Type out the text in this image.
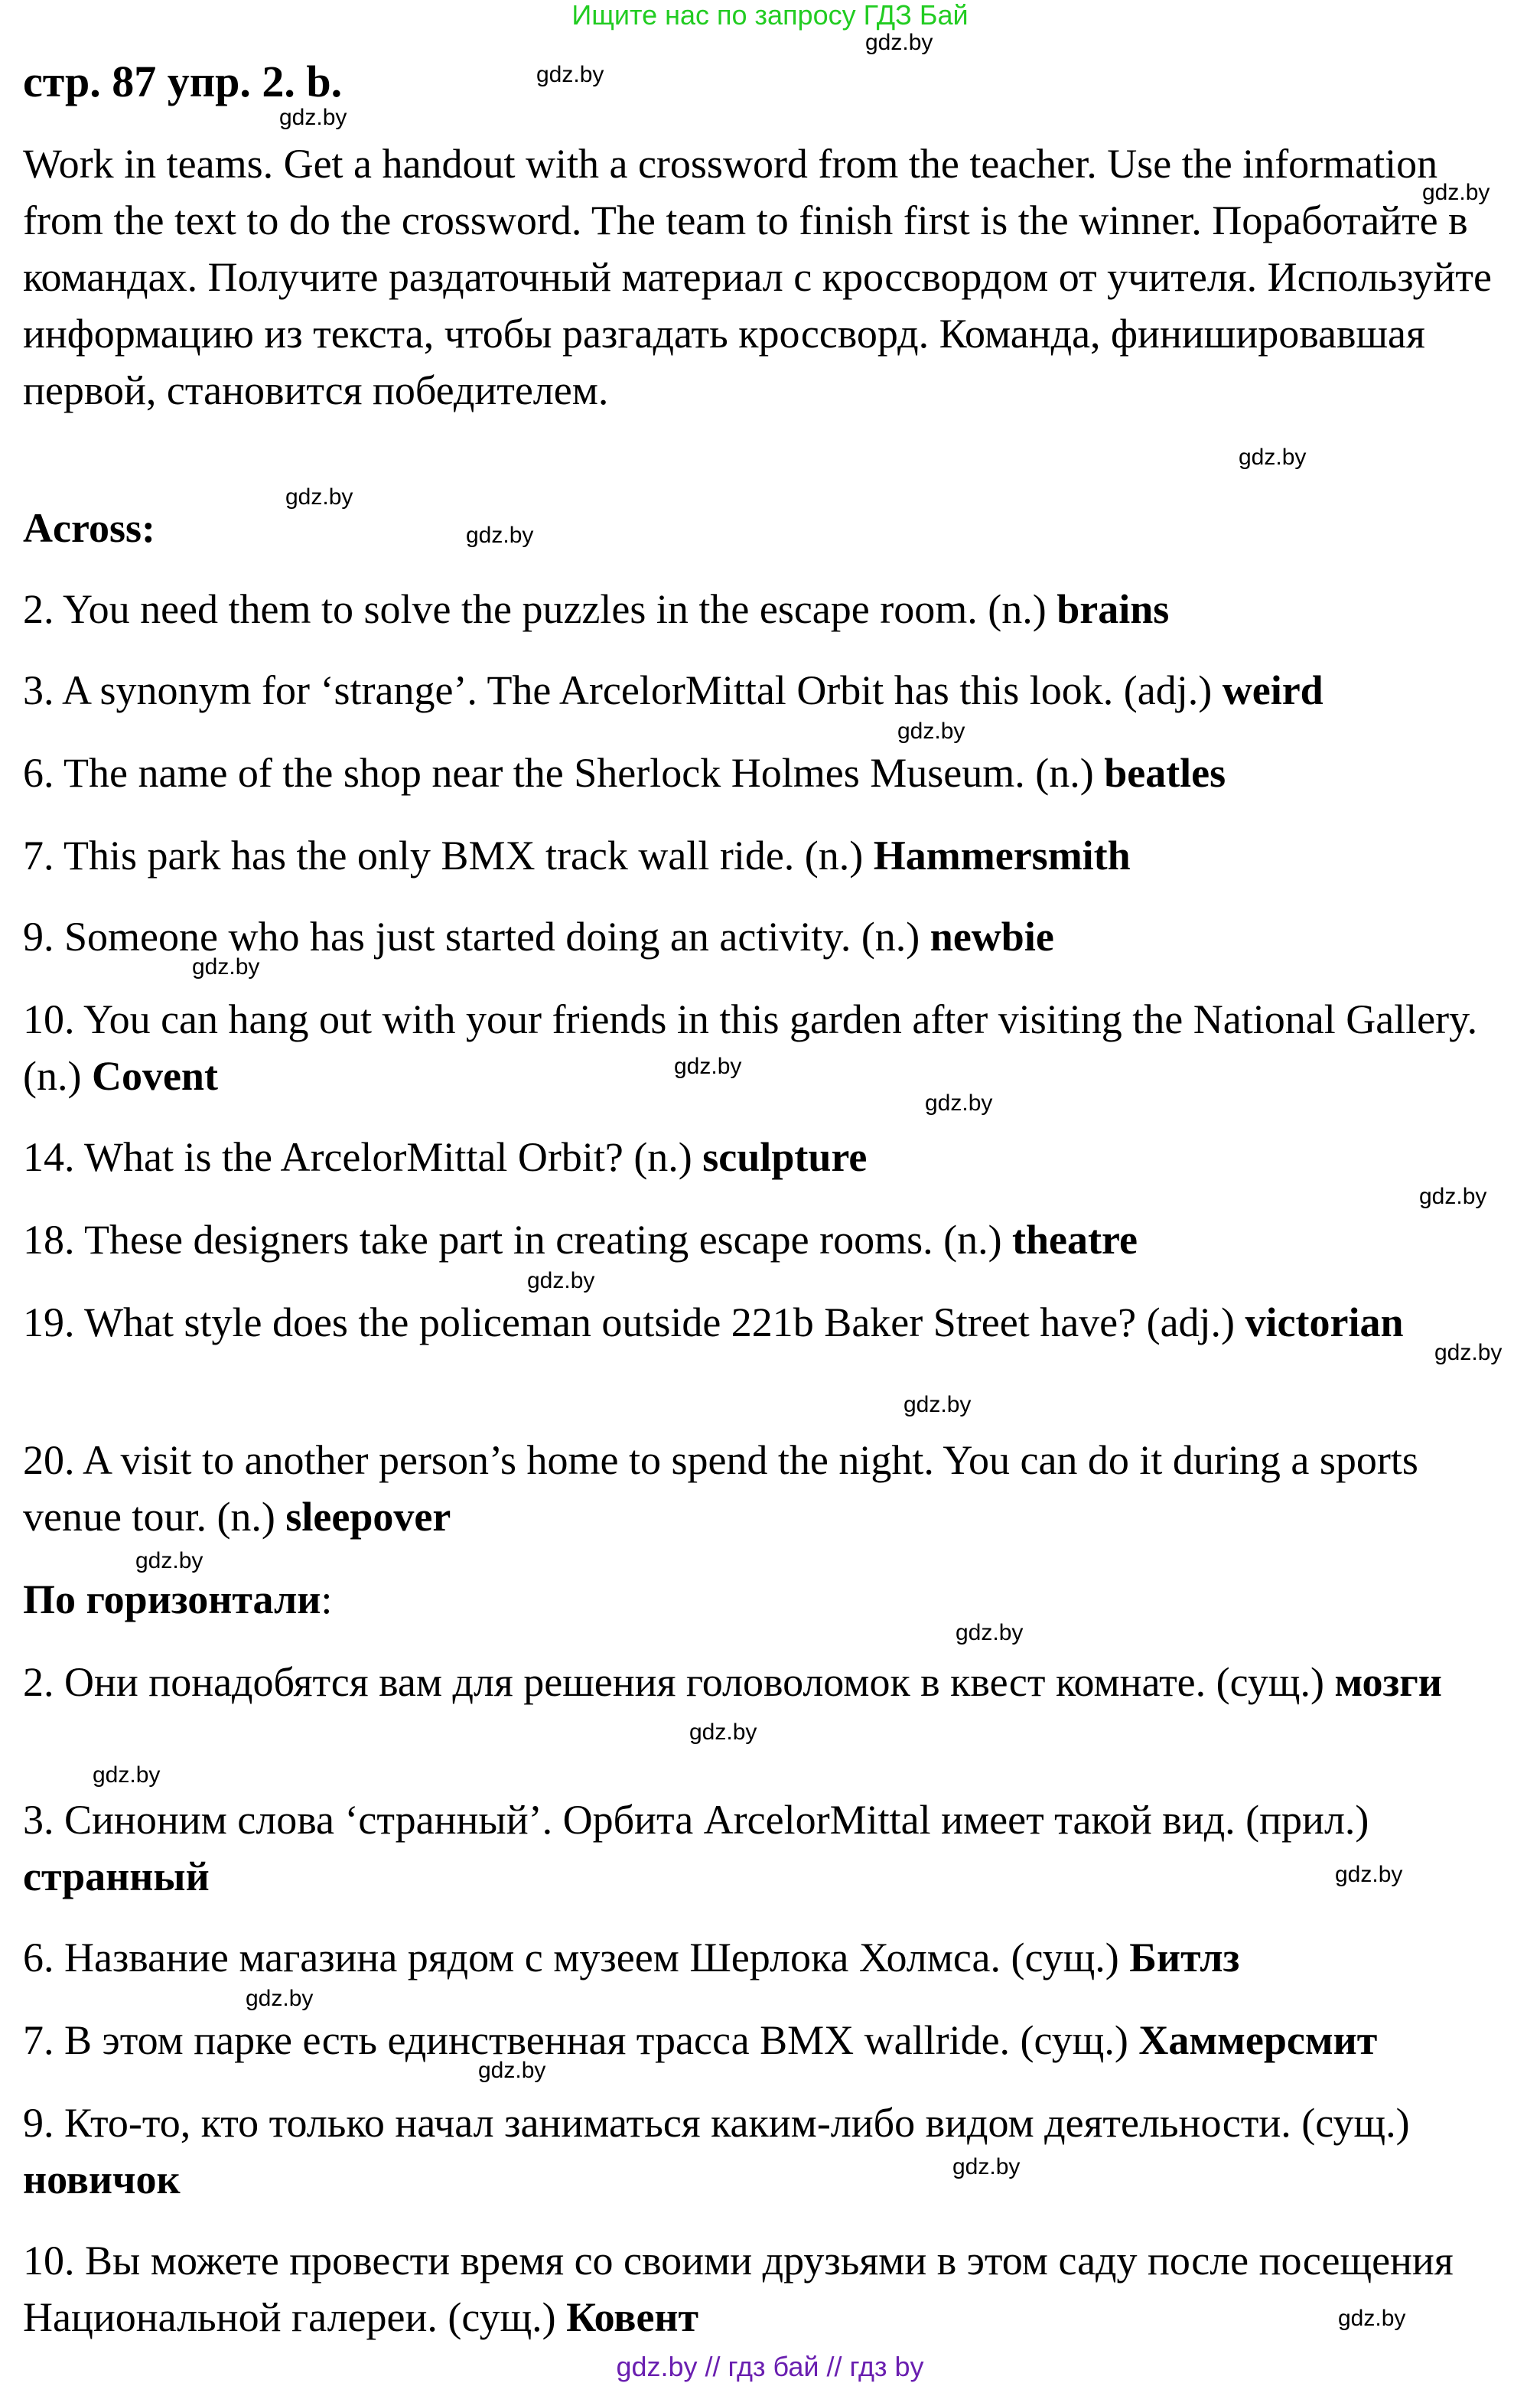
Ищите нас по запросу ГДЗ Бай
стр. 87 упр. 2. b.
Work in teams. Get a handout with a crossword from the teacher. Use the information from the text to do the crossword. The team to finish first is the winner. Поработайте в командах. Получите раздаточный материал с кроссвордом от учителя. Используйте информацию из текста, чтобы разгадать кроссворд. Команда, финишировавшая первой, становится победителем.
Across:
2. You need them to solve the puzzles in the escape room. (n.) brains
3. A synonym for ‘strange’. The ArcelorMittal Orbit has this look. (adj.) weird
6. The name of the shop near the Sherlock Holmes Museum. (n.) beatles
7. This park has the only BMX track wall ride. (n.) Hammersmith
9. Someone who has just started doing an activity. (n.) newbie
10. You can hang out with your friends in this garden after visiting the National Gallery. (n.) Covent
14. What is the ArcelorMittal Orbit? (n.) sculpture
18. These designers take part in creating escape rooms. (n.) theatre
19. What style does the policeman outside 221b Baker Street have? (adj.) victorian
20. A visit to another person’s home to spend the night. You can do it during a sports venue tour. (n.) sleepover
По горизонтали:
2. Они понадобятся вам для решения головоломок в квест комнате. (сущ.) мозги
3. Синоним слова ‘странный’. Орбита ArcelorMittal имеет такой вид. (прил.) странный
6. Название магазина рядом с музеем Шерлока Холмса. (сущ.) Битлз
7. В этом парке есть единственная трасса BMX wallride. (сущ.) Хаммерсмит
9. Кто-то, кто только начал заниматься каким-либо видом деятельности. (сущ.) новичок
10. Вы можете провести время со своими друзьями в этом саду после посещения Национальной галереи. (сущ.) Ковент
gdz.by
gdz.by
gdz.by
gdz.by
gdz.by
gdz.by
gdz.by
gdz.by
gdz.by
gdz.by
gdz.by
gdz.by
gdz.by
gdz.by
gdz.by
gdz.by
gdz.by
gdz.by
gdz.by
gdz.by
gdz.by
gdz.by
gdz.by
gdz.by
gdz.by // гдз бай // гдз by
